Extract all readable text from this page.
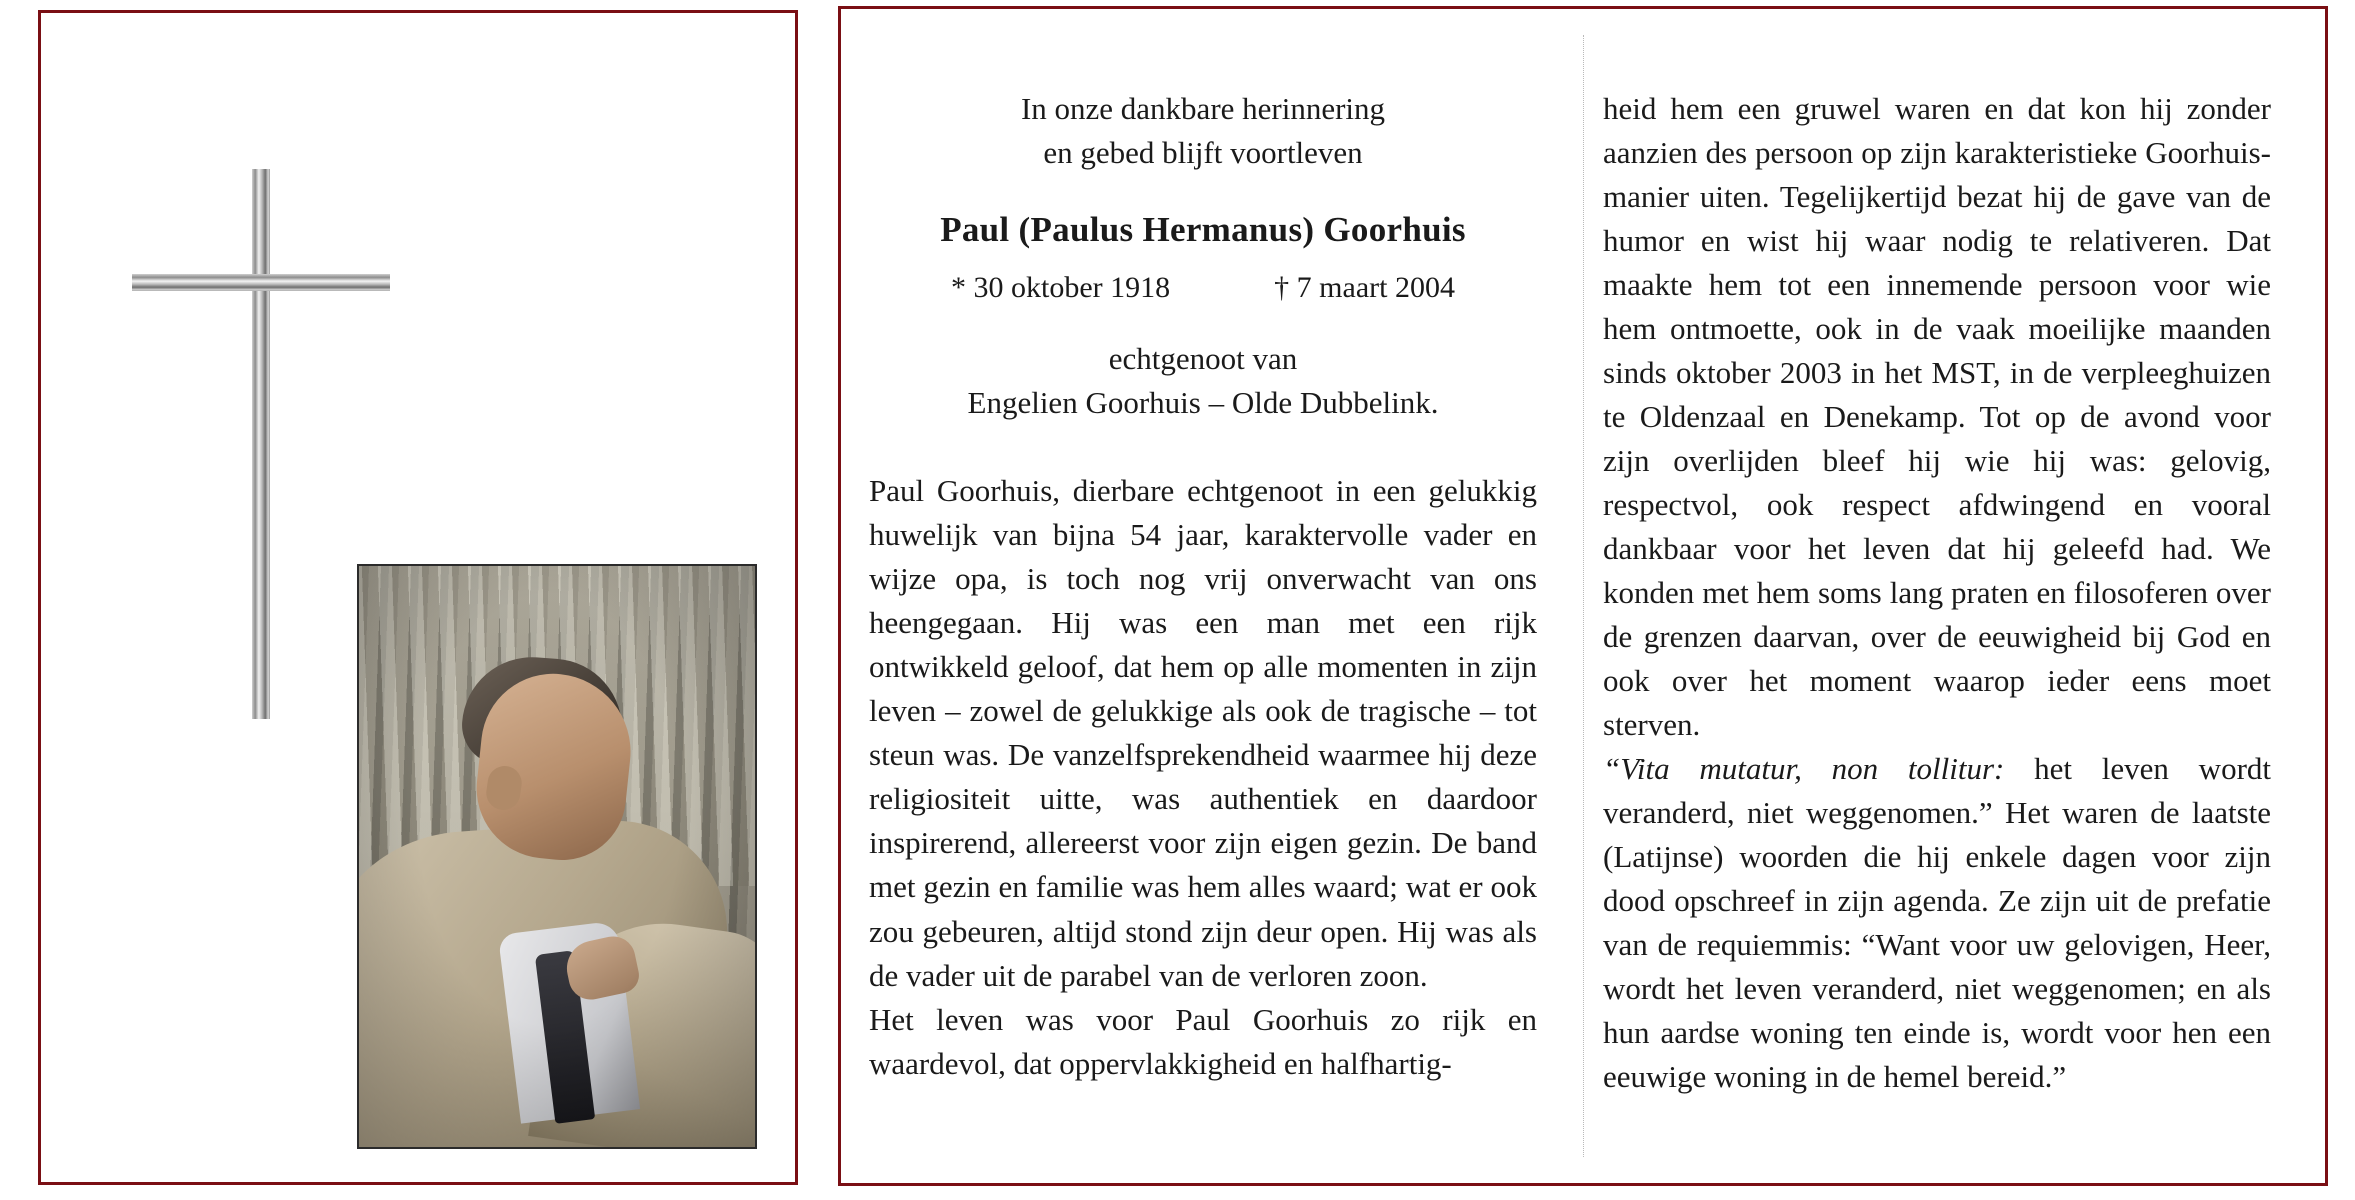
In onze dankbare herinnering
en gebed blijft voortleven
Paul (Paulus Hermanus) Goorhuis
* 30 oktober 1918	† 7 maart 2004
echtgenoot van
Engelien Goorhuis – Olde Dubbelink.

Paul Goorhuis, dierbare echtgenoot in een gelukkig huwelijk van bijna 54 jaar, karaktervolle vader en wijze opa, is toch nog vrij onverwacht van ons heengegaan. Hij was een man met een rijk ontwikkeld geloof, dat hem op alle momenten in zijn leven – zowel de gelukkige als ook de tragische – tot steun was. De vanzelfsprekendheid waarmee hij deze religiositeit uitte, was authentiek en daardoor inspirerend, allereerst voor zijn eigen gezin. De band met gezin en familie was hem alles waard; wat er ook zou gebeuren, altijd stond zijn deur open. Hij was als de vader uit de parabel van de verloren zoon.

Het leven was voor Paul Goorhuis zo rijk en waardevol, dat oppervlakkigheid en halfhartig-

heid hem een gruwel waren en dat kon hij zonder aanzien des persoon op zijn karakteristieke Goorhuis-manier uiten. Tegelijkertijd bezat hij de gave van de humor en wist hij waar nodig te relativeren. Dat maakte hem tot een innemende persoon voor wie hem ontmoette, ook in de vaak moeilijke maanden sinds oktober 2003 in het MST, in de verpleeghuizen te Oldenzaal en Denekamp. Tot op de avond voor zijn overlijden bleef hij wie hij was: gelovig, respectvol, ook respect afdwingend en vooral dankbaar voor het leven dat hij geleefd had. We konden met hem soms lang praten en filosoferen over de grenzen daarvan, over de eeuwigheid bij God en ook over het moment waarop ieder eens moet sterven.

“Vita mutatur, non tollitur: het leven wordt veranderd, niet weggenomen.” Het waren de laatste (Latijnse) woorden die hij enkele dagen voor zijn dood opschreef in zijn agenda. Ze zijn uit de prefatie van de requiemmis: “Want voor uw gelovigen, Heer, wordt het leven veranderd, niet weggenomen; en als hun aardse woning ten einde is, wordt voor hen een eeuwige woning in de hemel bereid.”
